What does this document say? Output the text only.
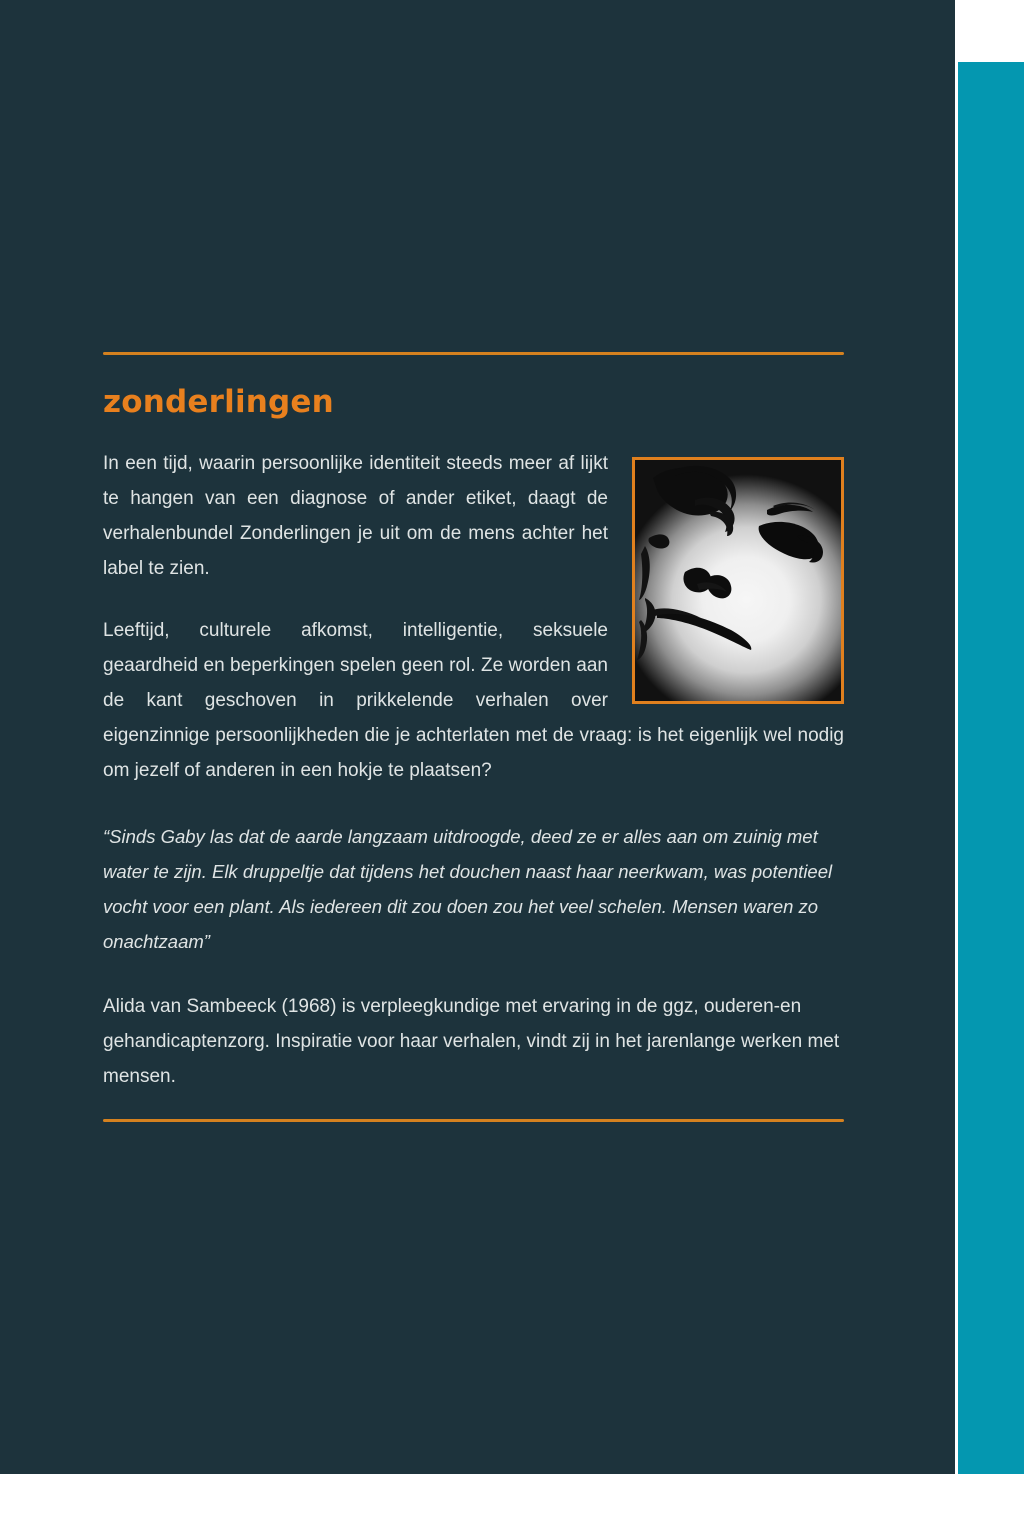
zonderlingen

In een tijd, waarin persoonlijke identiteit steeds meer af lijkt te hangen van een diagnose of ander etiket, daagt de verhalenbundel Zonderlingen je uit om de mens achter het label te zien.

Leeftijd, culturele afkomst, intelligentie, seksuele geaardheid en beperkingen spelen geen rol. Ze worden aan de kant geschoven in prikkelende verhalen over eigenzinnige persoonlijkheden die je achterlaten met de vraag: is het eigenlijk wel nodig om jezelf of anderen in een hokje te plaatsen?

“Sinds Gaby las dat de aarde langzaam uitdroogde, deed ze er alles aan om zuinig met water te zijn. Elk druppeltje dat tijdens het douchen naast haar neerkwam, was potentieel vocht voor een plant. Als iedereen dit zou doen zou het veel schelen. Mensen waren zo onachtzaam”

Alida van Sambeeck (1968) is verpleegkundige met ervaring in de ggz, ouderen-en gehandicaptenzorg. Inspiratie voor haar verhalen, vindt zij in het jarenlange werken met mensen.
